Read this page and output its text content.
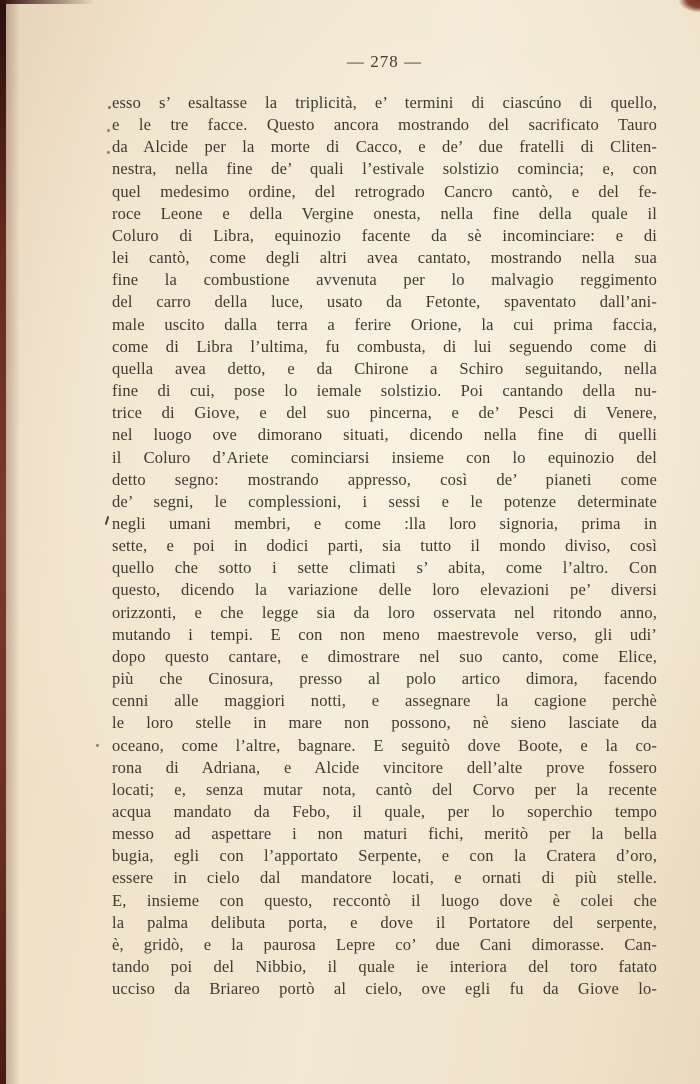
— 278 —
esso s’ esaltasse la triplicità, e’ termini di ciascúno di quello,
e le tre facce. Questo ancora mostrando del sacrificato Tauro
da Alcide per la morte di Cacco, e de’ due fratelli di Cliten-
nestra, nella fine de’ quali l’estivale solstizio comincia; e, con
quel medesimo ordine, del retrogrado Cancro cantò, e del fe-
roce Leone e della Vergine onesta, nella fine della quale il
Coluro di Libra, equinozio facente da sè incominciare: e di
lei cantò, come degli altri avea cantato, mostrando nella sua
fine la combustione avvenuta per lo malvagio reggimento
del carro della luce, usato da Fetonte, spaventato dall’ani-
male uscito dalla terra a ferire Orione, la cui prima faccia,
come di Libra l’ultima, fu combusta, di lui seguendo come di
quella avea detto, e da Chirone a Schiro seguitando, nella
fine di cui, pose lo iemale solstizio. Poi cantando della nu-
trice di Giove, e del suo pincerna, e de’ Pesci di Venere,
nel luogo ove dimorano situati, dicendo nella fine di quelli
il Coluro d’Ariete cominciarsi insieme con lo equinozio del
detto segno: mostrando appresso, così de’ pianeti come
de’ segni, le complessioni, i sessi e le potenze determinate
negli umani membri, e come :lla loro signoria, prima in
sette, e poi in dodici parti, sia tutto il mondo diviso, così
quello che sotto i sette climati s’ abita, come l’altro. Con
questo, dicendo la variazione delle loro elevazioni pe’ diversi
orizzonti, e che legge sia da loro osservata nel ritondo anno,
mutando i tempi. E con non meno maestrevole verso, gli udi’
dopo questo cantare, e dimostrare nel suo canto, come Elice,
più che Cinosura, presso al polo artico dimora, facendo
cenni alle maggiori notti, e assegnare la cagione perchè
le loro stelle in mare non possono, nè sieno lasciate da
oceano, come l’altre, bagnare. E seguitò dove Boote, e la co-
rona di Adriana, e Alcide vincitore dell’alte prove fossero
locati; e, senza mutar nota, cantò del Corvo per la recente
acqua mandato da Febo, il quale, per lo soperchio tempo
messo ad aspettare i non maturi fichi, meritò per la bella
bugia, egli con l’apportato Serpente, e con la Cratera d’oro,
essere in cielo dal mandatore locati, e ornati di più stelle.
E, insieme con questo, reccontò il luogo dove è colei che
la palma delibuta porta, e dove il Portatore del serpente,
è, gridò, e la paurosa Lepre co’ due Cani dimorasse. Can-
tando poi del Nibbio, il quale ie interiora del toro fatato
ucciso da Briareo portò al cielo, ove egli fu da Giove lo-
